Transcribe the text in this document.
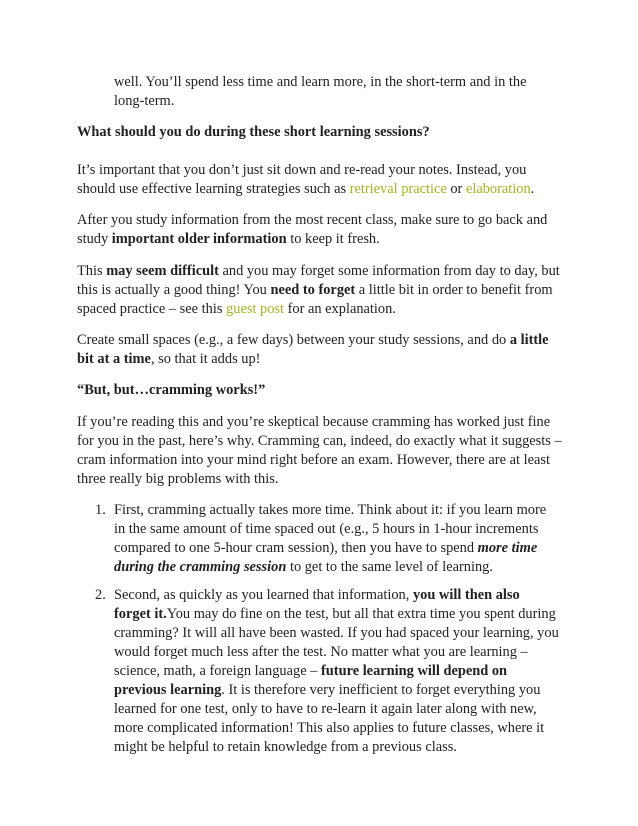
well. You’ll spend less time and learn more, in the short-term and in the long-term.

What should you do during these short learning sessions?

It’s important that you don’t just sit down and re-read your notes. Instead, you should use effective learning strategies such as retrieval practice or elaboration.

After you study information from the most recent class, make sure to go back and study important older information to keep it fresh.

This may seem difficult and you may forget some information from day to day, but this is actually a good thing! You need to forget a little bit in order to benefit from spaced practice – see this guest post for an explanation.

Create small spaces (e.g., a few days) between your study sessions, and do a little bit at a time, so that it adds up!

“But, but…cramming works!”

If you’re reading this and you’re skeptical because cramming has worked just fine for you in the past, here’s why. Cramming can, indeed, do exactly what it suggests – cram information into your mind right before an exam. However, there are at least three really big problems with this.

1. First, cramming actually takes more time. Think about it: if you learn more in the same amount of time spaced out (e.g., 5 hours in 1-hour increments compared to one 5-hour cram session), then you have to spend more time during the cramming session to get to the same level of learning.

2. Second, as quickly as you learned that information, you will then also forget it.You may do fine on the test, but all that extra time you spent during cramming? It will all have been wasted. If you had spaced your learning, you would forget much less after the test. No matter what you are learning – science, math, a foreign language – future learning will depend on previous learning. It is therefore very inefficient to forget everything you learned for one test, only to have to re-learn it again later along with new, more complicated information! This also applies to future classes, where it might be helpful to retain knowledge from a previous class.
